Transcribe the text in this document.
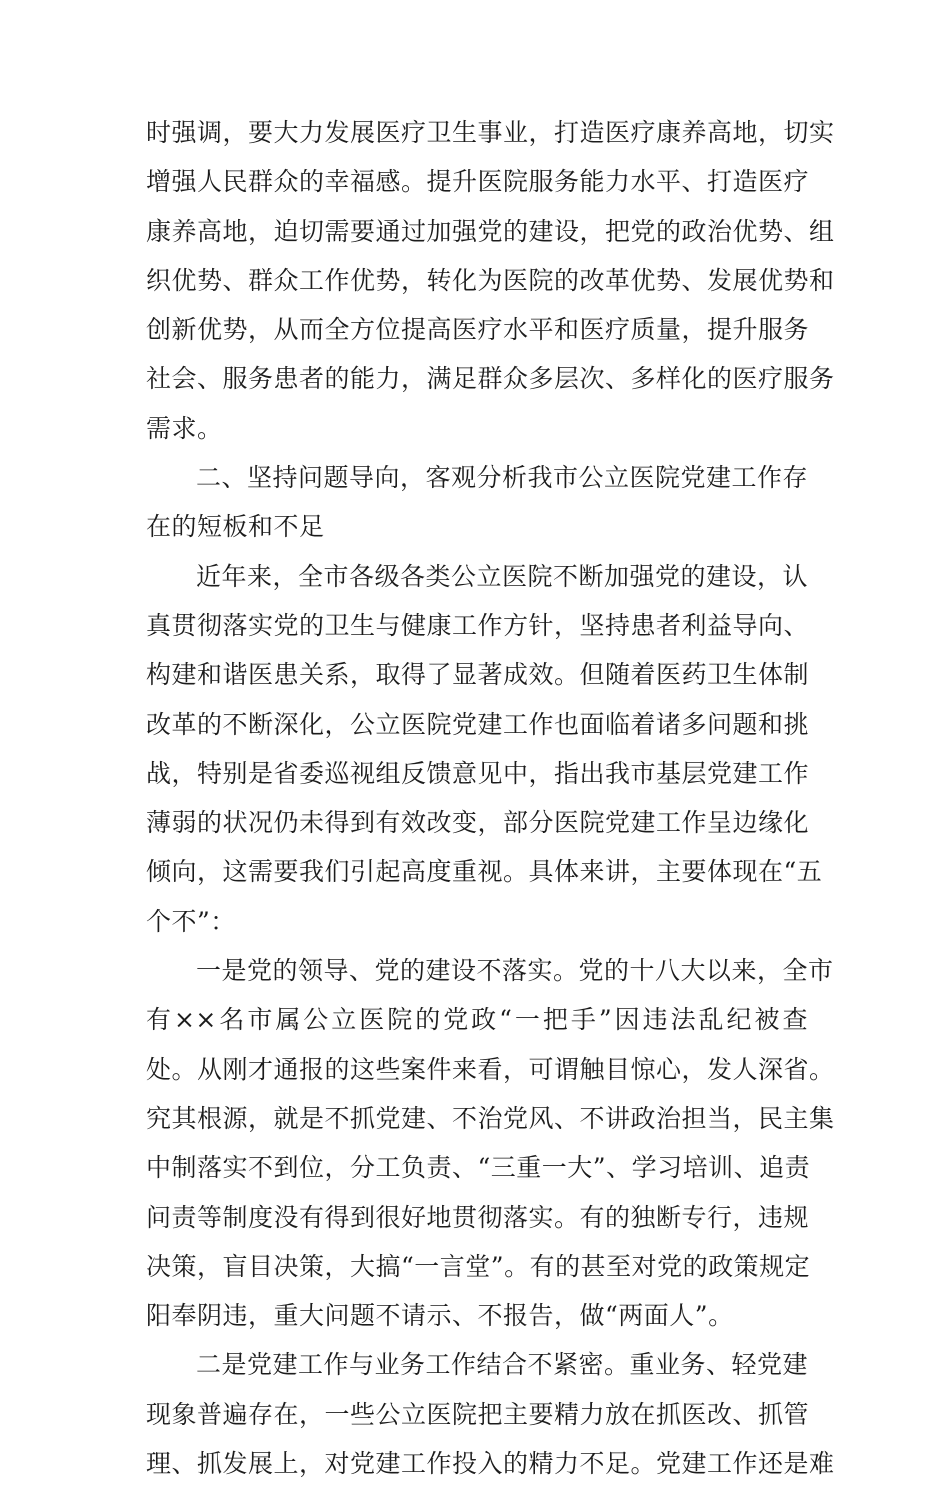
时强调，要大力发展医疗卫生事业，打造医疗康养高地，切实
增强人民群众的幸福感。提升医院服务能力水平、打造医疗
康养高地，迫切需要通过加强党的建设，把党的政治优势、组
织优势、群众工作优势，转化为医院的改革优势、发展优势和
创新优势，从而全方位提高医疗水平和医疗质量，提升服务
社会、服务患者的能力，满足群众多层次、多样化的医疗服务
需求。
二、坚持问题导向，客观分析我市公立医院党建工作存
在的短板和不足
近年来，全市各级各类公立医院不断加强党的建设，认
真贯彻落实党的卫生与健康工作方针，坚持患者利益导向、
构建和谐医患关系，取得了显著成效。但随着医药卫生体制
改革的不断深化，公立医院党建工作也面临着诸多问题和挑
战，特别是省委巡视组反馈意见中，指出我市基层党建工作
薄弱的状况仍未得到有效改变，部分医院党建工作呈边缘化
倾向，这需要我们引起高度重视。具体来讲，主要体现在“五
个不”：
一是党的领导、党的建设不落实。党的十八大以来，全市
有××名市属公立医院的党政“一把手”因违法乱纪被查
处。从刚才通报的这些案件来看，可谓触目惊心，发人深省。
究其根源，就是不抓党建、不治党风、不讲政治担当，民主集
中制落实不到位，分工负责、“三重一大”、学习培训、追责
问责等制度没有得到很好地贯彻落实。有的独断专行，违规
决策，盲目决策，大搞“一言堂”。有的甚至对党的政策规定
阳奉阴违，重大问题不请示、不报告，做“两面人”。
二是党建工作与业务工作结合不紧密。重业务、轻党建
现象普遍存在，一些公立医院把主要精力放在抓医改、抓管
理、抓发展上，对党建工作投入的精力不足。党建工作还是难
